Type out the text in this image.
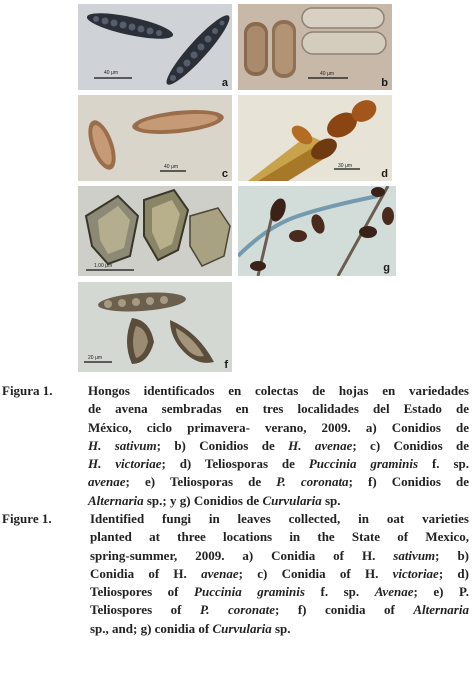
40 μm
a
40 μm
b
40 μm
c
30 μm
d
1.00 μm	g
20 μm
f
Figura 1.	Hongos identificados en colectas de hojas en variedades
de avena sembradas en tres localidades del Estado de
México, ciclo primavera- verano, 2009. a) Conidios de
H. sativum; b) Conidios de H. avenae; c) Conidios de
H. victoriae; d) Teliosporas de Puccinia graminis f. sp.
avenae; e) Teliosporas de P. coronata; f) Conidios de
Alternaria sp.; y g) Conidios de Curvularia sp.
Figure 1.	Identified fungi in leaves collected, in oat varieties
planted at three locations in the State of Mexico,
spring-summer, 2009. a) Conidia of H. sativum; b)
Conidia of H. avenae; c) Conidia of H. victoriae; d)
Teliospores of Puccinia graminis f. sp. Avenae; e) P.
Teliospores of P. coronate; f) conidia of Alternaria
sp., and; g) conidia of Curvularia sp.
